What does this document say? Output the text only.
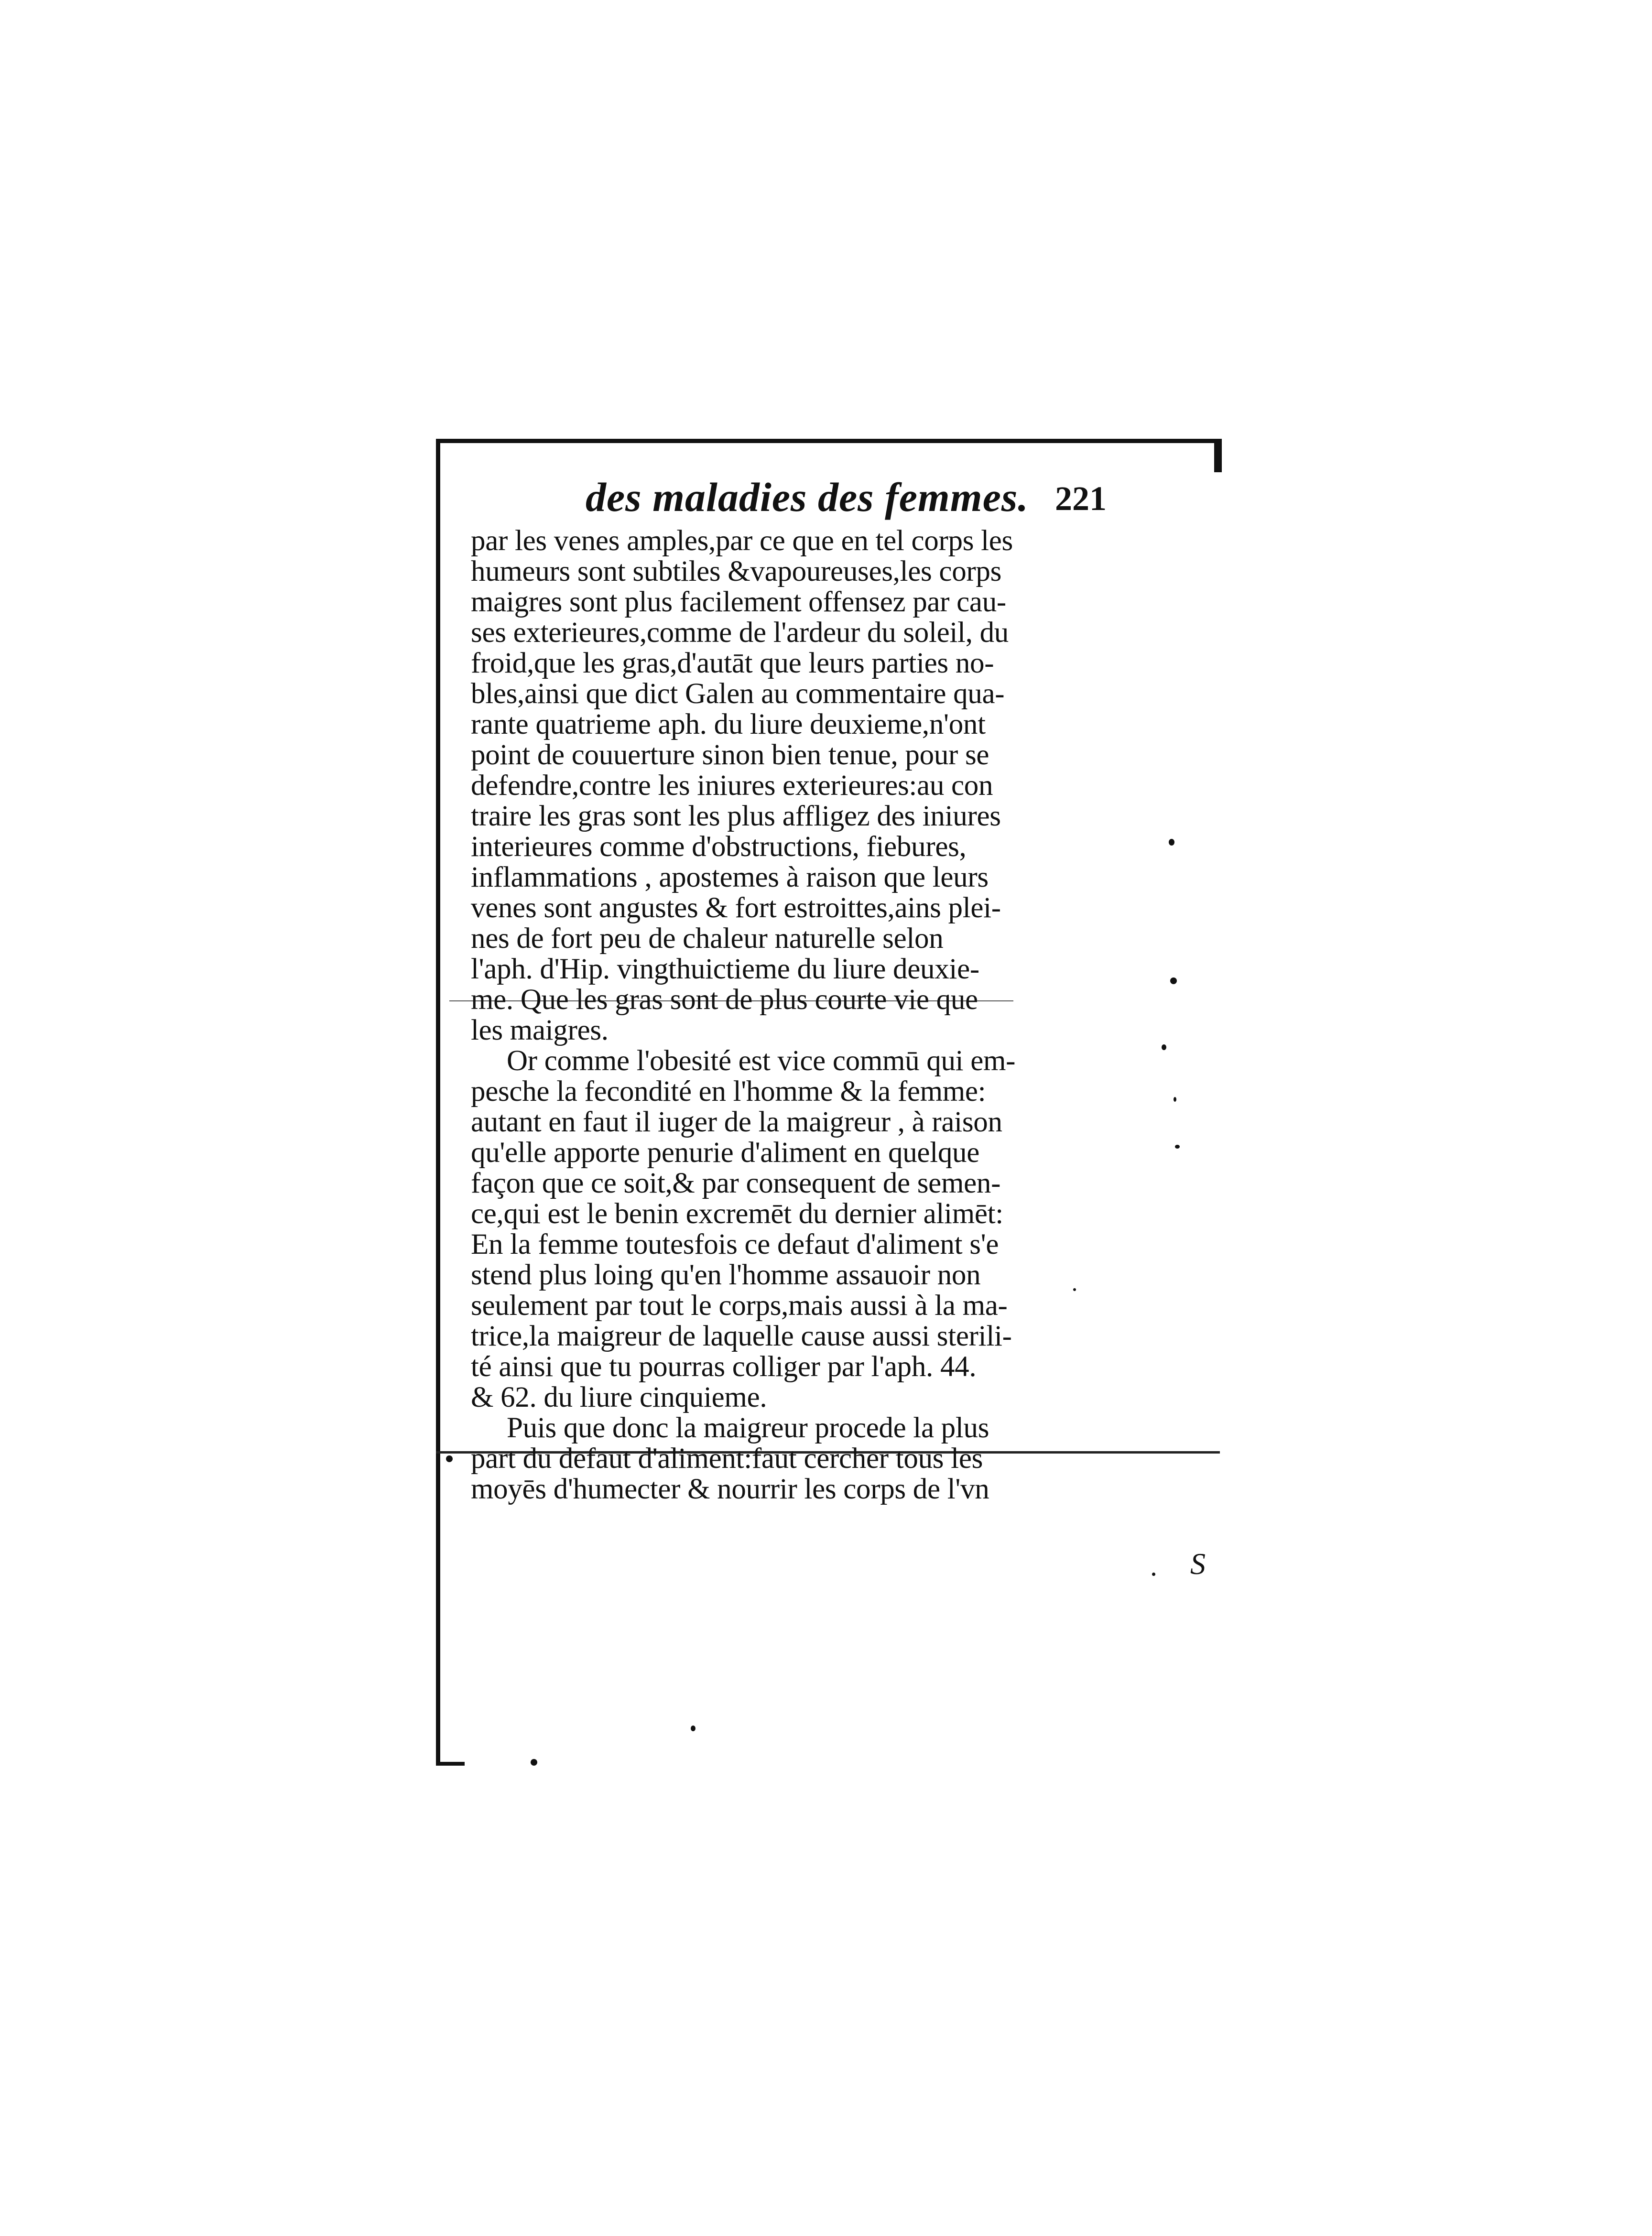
des maladies des femmes. 221
par les venes amples,par ce que en tel corps les
humeurs sont subtiles &vapoureuses,les corps
maigres sont plus facilement offensez par cau-
ses exterieures,comme de l'ardeur du soleil, du
froid,que les gras,d'autāt que leurs parties no-
bles,ainsi que dict Galen au commentaire qua-
rante quatrieme aph. du liure deuxieme,n'ont
point de couuerture sinon bien tenue, pour se
defendre,contre les iniures exterieures:au con
traire les gras sont les plus affligez des iniures
interieures comme d'obstructions, fiebures,
inflammations , apostemes à raison que leurs
venes sont angustes & fort estroittes,ains plei-
nes de fort peu de chaleur naturelle selon
l'aph. d'Hip. vingthuictieme du liure deuxie-
me. Que les gras sont de plus courte vie que
les maigres.
Or comme l'obesité est vice commū qui em-
pesche la fecondité en l'homme & la femme:
autant en faut il iuger de la maigreur , à raison
qu'elle apporte penurie d'aliment en quelque
façon que ce soit,& par consequent de semen-
ce,qui est le benin excremēt du dernier alimēt:
En la femme toutesfois ce defaut d'aliment s'e
stend plus loing qu'en l'homme assauoir non
seulement par tout le corps,mais aussi à la ma-
trice,la maigreur de laquelle cause aussi sterili-
té ainsi que tu pourras colliger par l'aph. 44.
& 62. du liure cinquieme.
Puis que donc la maigreur procede la plus
part du defaut d'aliment:faut cercher tous les
moyēs d'humecter & nourrir les corps de l'vn
S
